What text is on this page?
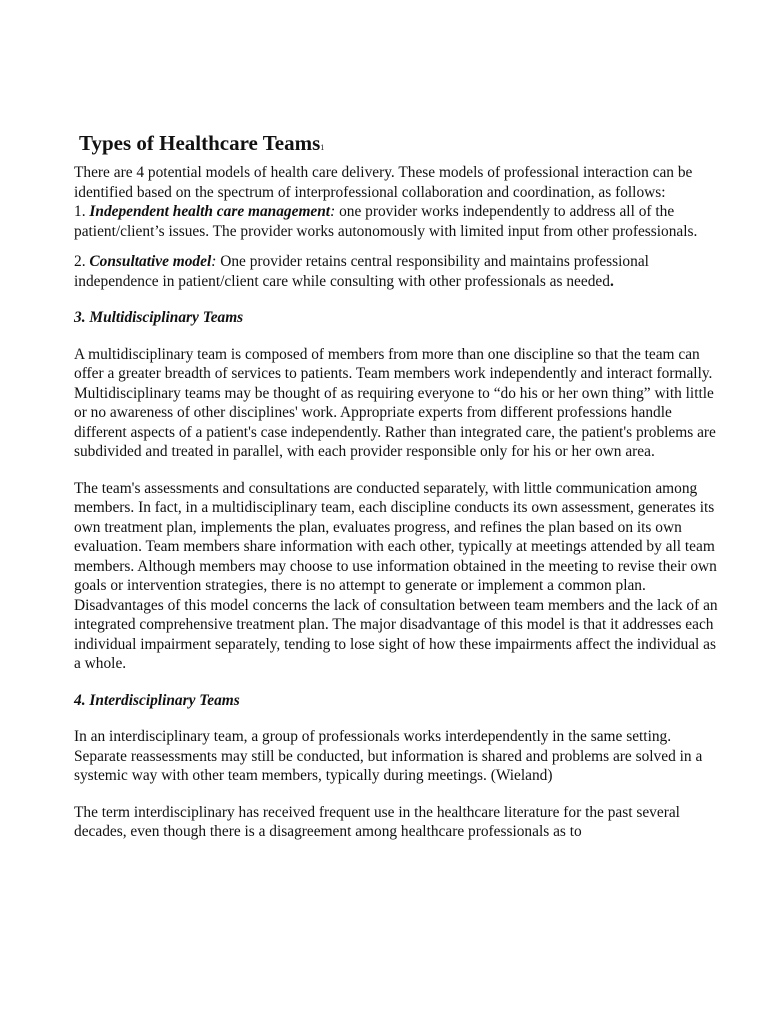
Types of Healthcare Teams1

There are 4 potential models of health care delivery. These models of professional interaction can be identified based on the spectrum of interprofessional collaboration and coordination, as follows:

1. Independent health care management: one provider works independently to address all of the patient/client’s issues. The provider works autonomously with limited input from other professionals.

2. Consultative model: One provider retains central responsibility and maintains professional independence in patient/client care while consulting with other professionals as needed.

3. Multidisciplinary Teams

A multidisciplinary team is composed of members from more than one discipline so that the team can offer a greater breadth of services to patients. Team members work independently and interact formally. Multidisciplinary teams may be thought of as requiring everyone to “do his or her own thing” with little or no awareness of other disciplines' work. Appropriate experts from different professions handle different aspects of a patient's case independently. Rather than integrated care, the patient's problems are subdivided and treated in parallel, with each provider responsible only for his or her own area.

The team's assessments and consultations are conducted separately, with little communication among members. In fact, in a multidisciplinary team, each discipline conducts its own assessment, generates its own treatment plan, implements the plan, evaluates progress, and refines the plan based on its own evaluation. Team members share information with each other, typically at meetings attended by all team members. Although members may choose to use information obtained in the meeting to revise their own goals or intervention strategies, there is no attempt to generate or implement a common plan. Disadvantages of this model concerns the lack of consultation between team members and the lack of an integrated comprehensive treatment plan. The major disadvantage of this model is that it addresses each individual impairment separately, tending to lose sight of how these impairments affect the individual as a whole.

4. Interdisciplinary Teams

In an interdisciplinary team, a group of professionals works interdependently in the same setting. Separate reassessments may still be conducted, but information is shared and problems are solved in a systemic way with other team members, typically during meetings. (Wieland)

The term interdisciplinary has received frequent use in the healthcare literature for the past several decades, even though there is a disagreement among healthcare professionals as to
